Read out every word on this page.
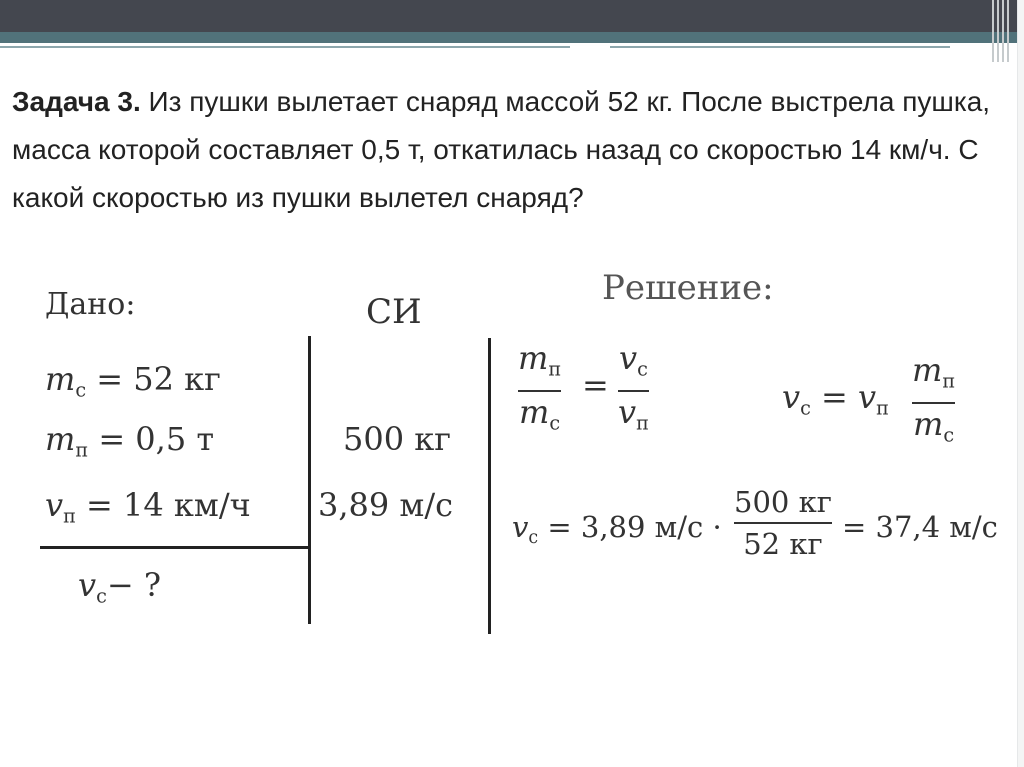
Задача 3. Из пушки вылетает снаряд массой 52 кг. После выстрела пушка, масса которой составляет 0,5 т, откатилась назад со скоростью 14 км/ч. С какой скоростью из пушки вылетел снаряд?
Дано:	СИ
Решение:
$m_с = 52$ кг
$m_п = 0,5$ т
$v_п = 14$ км/ч
$v_с-$ ?
500 кг
3,89 м/с
$m_п$
$m_с$
=
$v_с$
$v_п$
$v_с = v_п$
$m_п$
$m_с$
$v_с = 3,89$ м/с ·
500 кг
52 кг = 37,4 м/с
